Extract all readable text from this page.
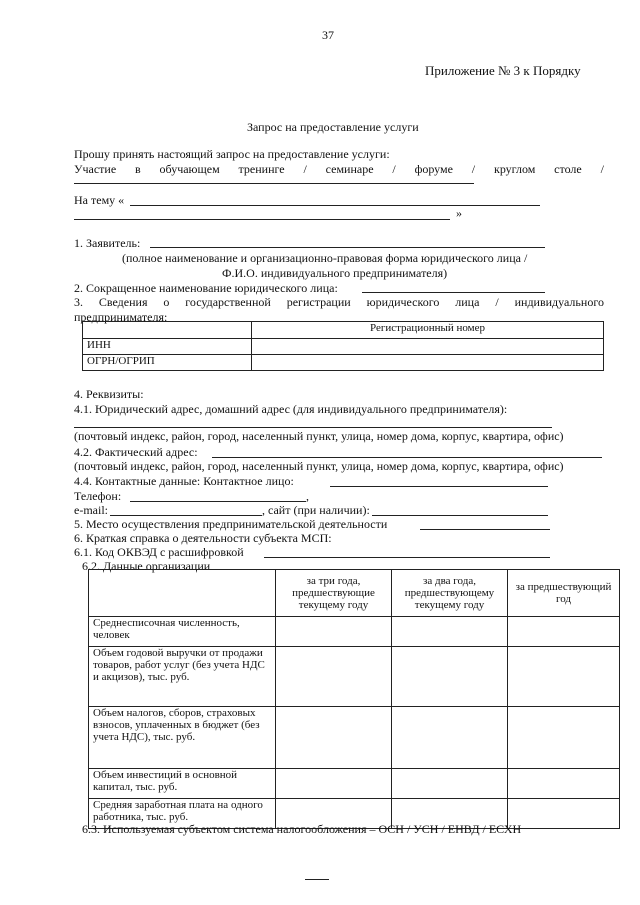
37
Приложение № 3 к Порядку
Запрос на предоставление услуги
Прошу принять настоящий запрос на предоставление услуги:
Участие в обучающем тренинге / семинаре / форуме / круглом столе /
На тему «
»
1. Заявитель:
(полное наименование и организационно-правовая форма юридического лица /
Ф.И.О. индивидуального предпринимателя)
2. Сокращенное наименование юридического лица:
3. Сведения о государственной регистрации юридического лица / индивидуального
предпринимателя:
	Регистрационный номер
ИНН	
ОГРН/ОГРИП	
4. Реквизиты:
4.1. Юридический адрес, домашний адрес (для индивидуального предпринимателя):
(почтовый индекс, район, город, населенный пункт, улица, номер дома, корпус, квартира, офис)
4.2. Фактический адрес:
(почтовый индекс, район, город, населенный пункт, улица, номер дома, корпус, квартира, офис)
4.4. Контактные данные: Контактное лицо:
Телефон:	,
e-mail:	, сайт (при наличии):
5. Место осуществления предпринимательской деятельности
6. Краткая справка о деятельности субъекта МСП:
6.1. Код ОКВЭД с расшифровкой
6.2. Данные организации
	за три года, предшествующие текущему году	за два года, предшествующему текущему году	за предшествующий год
Среднесписочная численность, человек			
Объем годовой выручки от продажи товаров, работ услуг (без учета НДС и акцизов), тыс. руб.			
Объем налогов, сборов, страховых взносов, уплаченных в бюджет (без учета НДС), тыс. руб.			
Объем инвестиций в основной капитал, тыс. руб.			
Средняя заработная плата на одного работника, тыс. руб.			
6.3. Используемая субъектом система налогообложения – ОСН / УСН / ЕНВД / ЕСХН
